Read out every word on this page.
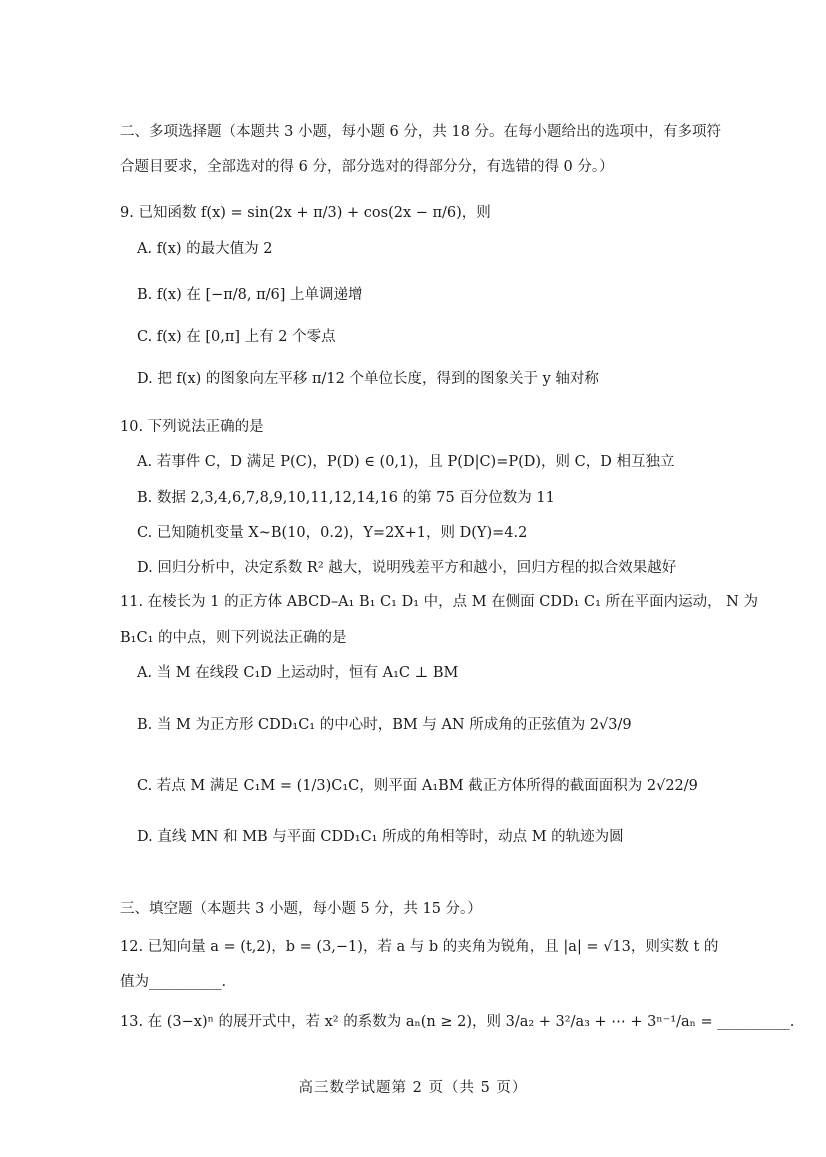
二、多项选择题（本题共 3 小题，每小题 6 分，共 18 分。在每小题给出的选项中，有多项符
合题目要求，全部选对的得 6 分，部分选对的得部分分，有选错的得 0 分。）
9. 已知函数 f(x) = sin(2x + π/3) + cos(2x − π/6)，则
A. f(x) 的最大值为 2
B. f(x) 在 [−π/8, π/6] 上单调递增
C. f(x) 在 [0,π] 上有 2 个零点
D. 把 f(x) 的图象向左平移 π/12 个单位长度，得到的图象关于 y 轴对称
10. 下列说法正确的是
A. 若事件 C，D 满足 P(C)，P(D) ∈ (0,1)，且 P(D|C)=P(D)，则 C，D 相互独立
B. 数据 2,3,4,6,7,8,9,10,11,12,14,16 的第 75 百分位数为 11
C. 已知随机变量 X~B(10，0.2)，Y=2X+1，则 D(Y)=4.2
D. 回归分析中，决定系数 R² 越大，说明残差平方和越小，回归方程的拟合效果越好
11. 在棱长为 1 的正方体 ABCD–A₁ B₁ C₁ D₁ 中，点 M 在侧面 CDD₁ C₁ 所在平面内运动， N 为
B₁C₁ 的中点，则下列说法正确的是
A. 当 M 在线段 C₁D 上运动时，恒有 A₁C ⊥ BM
B. 当 M 为正方形 CDD₁C₁ 的中心时，BM 与 AN 所成角的正弦值为 2√3/9
C. 若点 M 满足 C₁M = (1/3)C₁C，则平面 A₁BM 截正方体所得的截面面积为 2√22/9
D. 直线 MN 和 MB 与平面 CDD₁C₁ 所成的角相等时，动点 M 的轨迹为圆
三、填空题（本题共 3 小题，每小题 5 分，共 15 分。）
12. 已知向量 a = (t,2)，b = (3,−1)，若 a 与 b 的夹角为锐角，且 |a| = √13，则实数 t 的
值为__________.
13. 在 (3−x)ⁿ 的展开式中，若 x² 的系数为 aₙ(n ≥ 2)，则 3/a₂ + 3²/a₃ + ⋯ + 3ⁿ⁻¹/aₙ = __________.
高三数学试题第 2 页（共 5 页）
